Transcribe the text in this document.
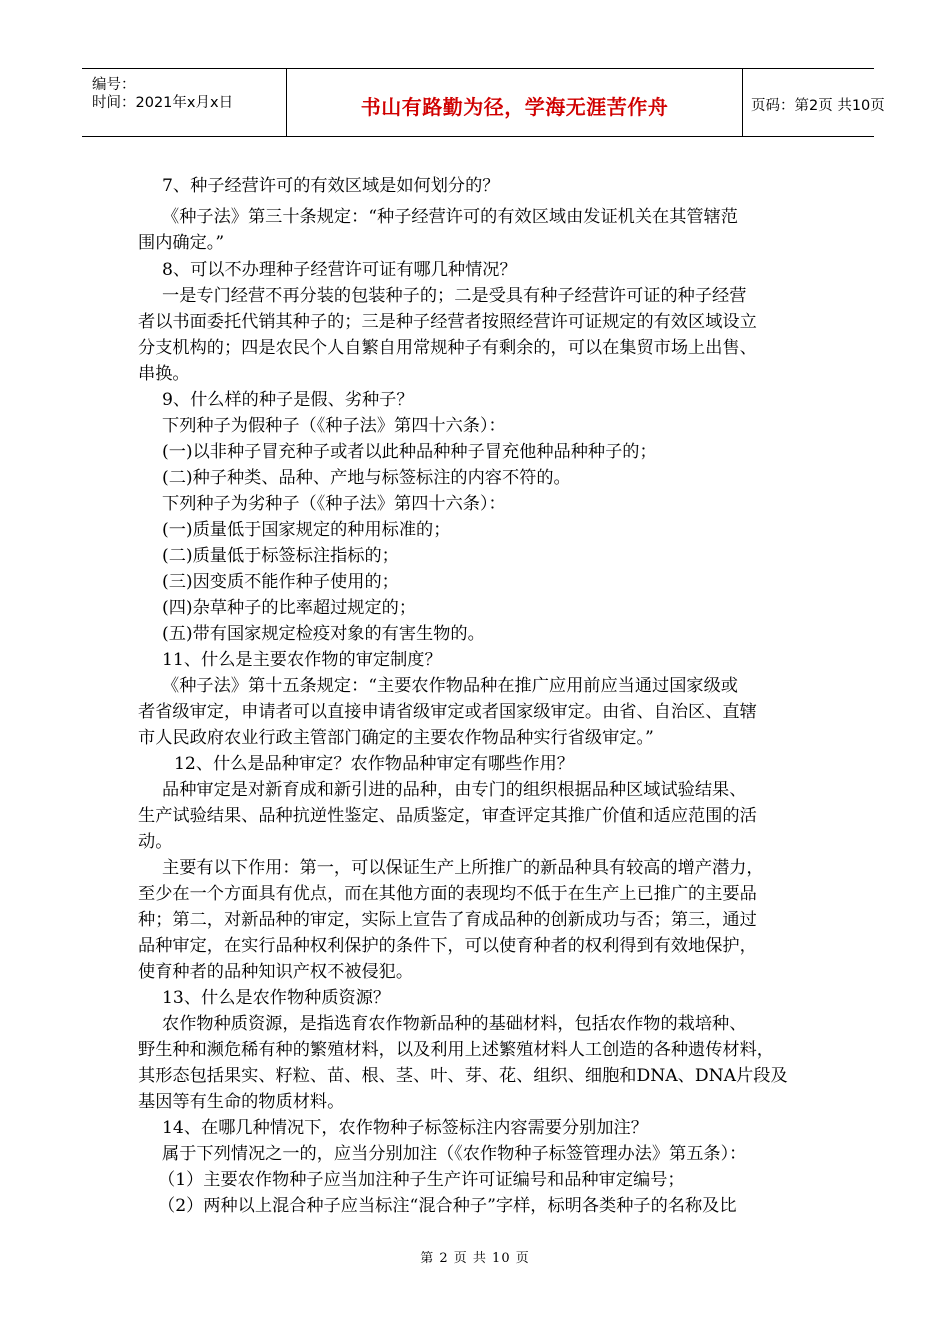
编号：
时间：2021年x月x日	书山有路勤为径，学海无涯苦作舟	页码：第2页 共10页
7、种子经营许可的有效区域是如何划分的？
《种子法》第三十条规定：“种子经营许可的有效区域由发证机关在其管辖范
围内确定。”
8、可以不办理种子经营许可证有哪几种情况？
一是专门经营不再分装的包装种子的；二是受具有种子经营许可证的种子经营
者以书面委托代销其种子的；三是种子经营者按照经营许可证规定的有效区域设立
分支机构的；四是农民个人自繁自用常规种子有剩余的，可以在集贸市场上出售、
串换。
9、什么样的种子是假、劣种子？
下列种子为假种子（《种子法》第四十六条）：
(一)以非种子冒充种子或者以此种品种种子冒充他种品种种子的；
(二)种子种类、品种、产地与标签标注的内容不符的。
下列种子为劣种子（《种子法》第四十六条）：
(一)质量低于国家规定的种用标准的；
(二)质量低于标签标注指标的；
(三)因变质不能作种子使用的；
(四)杂草种子的比率超过规定的；
(五)带有国家规定检疫对象的有害生物的。
11、什么是主要农作物的审定制度？
《种子法》第十五条规定：“主要农作物品种在推广应用前应当通过国家级或
者省级审定，申请者可以直接申请省级审定或者国家级审定。由省、自治区、直辖
市人民政府农业行政主管部门确定的主要农作物品种实行省级审定。”
12、什么是品种审定？农作物品种审定有哪些作用？
品种审定是对新育成和新引进的品种，由专门的组织根据品种区域试验结果、
生产试验结果、品种抗逆性鉴定、品质鉴定，审查评定其推广价值和适应范围的活
动。
主要有以下作用：第一，可以保证生产上所推广的新品种具有较高的增产潜力，
至少在一个方面具有优点，而在其他方面的表现均不低于在生产上已推广的主要品
种；第二，对新品种的审定，实际上宣告了育成品种的创新成功与否；第三，通过
品种审定，在实行品种权利保护的条件下，可以使育种者的权利得到有效地保护，
使育种者的品种知识产权不被侵犯。
13、什么是农作物种质资源？
农作物种质资源，是指选育农作物新品种的基础材料，包括农作物的栽培种、
野生种和濒危稀有种的繁殖材料，以及利用上述繁殖材料人工创造的各种遗传材料，
其形态包括果实、籽粒、苗、根、茎、叶、芽、花、组织、细胞和DNA、DNA片段及
基因等有生命的物质材料。
14、在哪几种情况下，农作物种子标签标注内容需要分别加注？
属于下列情况之一的，应当分别加注（《农作物种子标签管理办法》第五条）：
（1）主要农作物种子应当加注种子生产许可证编号和品种审定编号；
（2）两种以上混合种子应当标注“混合种子”字样，标明各类种子的名称及比
第 2 页 共 10 页
